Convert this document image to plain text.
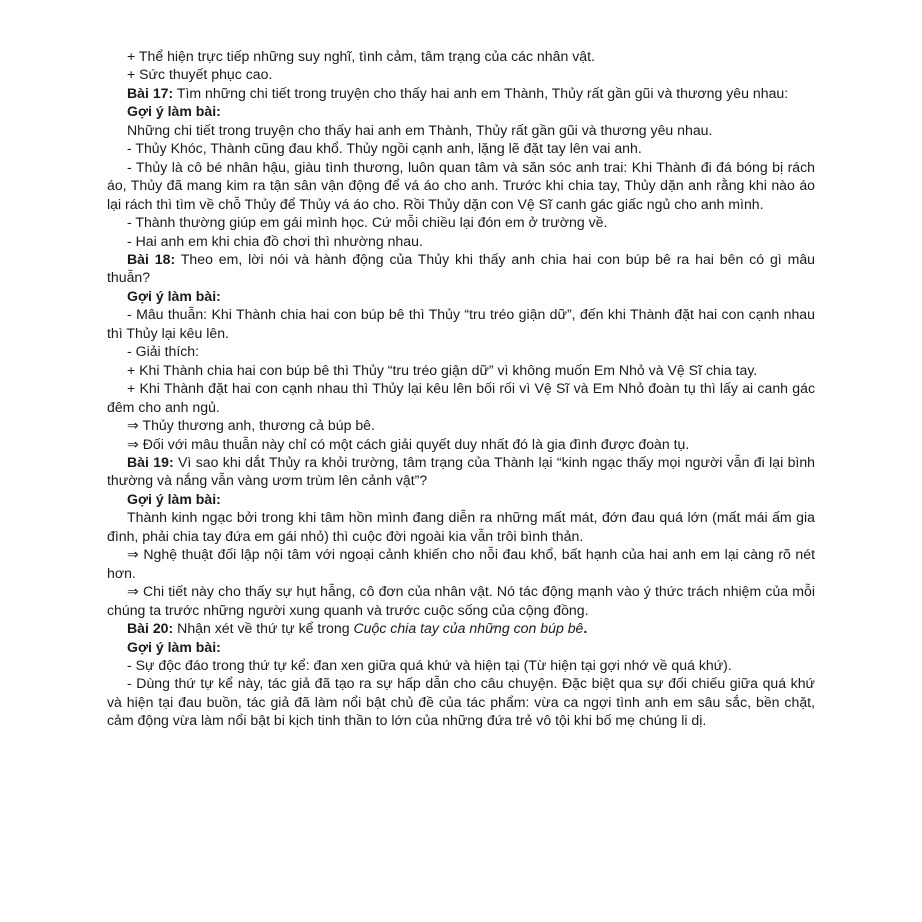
+ Thể hiện trực tiếp những suy nghĩ, tình cảm, tâm trạng của các nhân vật.

+ Sức thuyết phục cao.

Bài 17: Tìm những chi tiết trong truyện cho thấy hai anh em Thành, Thủy rất gần gũi và thương yêu nhau:

Gợi ý làm bài:

Những chi tiết trong truyện cho thấy hai anh em Thành, Thủy rất gần gũi và thương yêu nhau.

- Thủy Khóc, Thành cũng đau khổ. Thủy ngồi cạnh anh, lặng lẽ đặt tay lên vai anh.

- Thủy là cô bé nhân hậu, giàu tình thương, luôn quan tâm và săn sóc anh trai: Khi Thành đi đá bóng bị rách áo, Thủy đã mang kim ra tận sân vận động để vá áo cho anh. Trước khi chia tay, Thủy dặn anh rằng khi nào áo lại rách thì tìm về chỗ Thủy để Thủy vá áo cho. Rồi Thủy dặn con Vệ Sĩ canh gác giấc ngủ cho anh mình.

- Thành thường giúp em gái mình học. Cứ mỗi chiều lại đón em ở trường về.

- Hai anh em khi chia đồ chơi thì nhường nhau.

Bài 18: Theo em, lời nói và hành động của Thủy khi thấy anh chia hai con búp bê ra hai bên có gì mâu thuẫn?

Gợi ý làm bài:

- Mâu thuẫn: Khi Thành chia hai con búp bê thì Thủy “tru tréo giận dữ”, đến khi Thành đặt hai con cạnh nhau thì Thủy lại kêu lên.

- Giải thích:

+ Khi Thành chia hai con búp bê thì Thủy “tru tréo giận dữ” vì không muốn Em Nhỏ và Vệ Sĩ chia tay.

+ Khi Thành đặt hai con cạnh nhau thì Thủy lại kêu lên bối rối vì Vệ Sĩ và Em Nhỏ đoàn tụ thì lấy ai canh gác đêm cho anh ngủ.

⇒ Thủy thương anh, thương cả búp bê.

⇒ Đối với mâu thuẫn này chỉ có một cách giải quyết duy nhất đó là gia đình được đoàn tụ.

Bài 19: Vì sao khi dắt Thủy ra khỏi trường, tâm trạng của Thành lại “kinh ngạc thấy mọi người vẫn đi lại bình thường và nắng vẫn vàng ươm trùm lên cảnh vật”?

Gợi ý làm bài:

Thành kinh ngạc bởi trong khi tâm hồn mình đang diễn ra những mất mát, đớn đau quá lớn (mất mái ấm gia đình, phải chia tay đứa em gái nhỏ) thì cuộc đời ngoài kia vẫn trôi bình thản.

⇒ Nghệ thuật đối lập nội tâm với ngoại cảnh khiến cho nỗi đau khổ, bất hạnh của hai anh em lại càng rõ nét hơn.

⇒ Chi tiết này cho thấy sự hụt hẫng, cô đơn của nhân vật. Nó tác động mạnh vào ý thức trách nhiệm của mỗi chúng ta trước những người xung quanh và trước cuộc sống của cộng đồng.

Bài 20: Nhận xét về thứ tự kể trong Cuộc chia tay của những con búp bê.

Gợi ý làm bài:

- Sự độc đáo trong thứ tự kể: đan xen giữa quá khứ và hiện tại (Từ hiện tại gợi nhớ về quá khứ).

- Dùng thứ tự kể này, tác giả đã tạo ra sự hấp dẫn cho câu chuyện. Đặc biệt qua sự đối chiếu giữa quá khứ và hiện tại đau buồn, tác giả đã làm nổi bật chủ đề của tác phẩm: vừa ca ngợi tình anh em sâu sắc, bền chặt, cảm động vừa làm nổi bật bi kịch tinh thần to lớn của những đứa trẻ vô tội khi bố mẹ chúng li dị.
